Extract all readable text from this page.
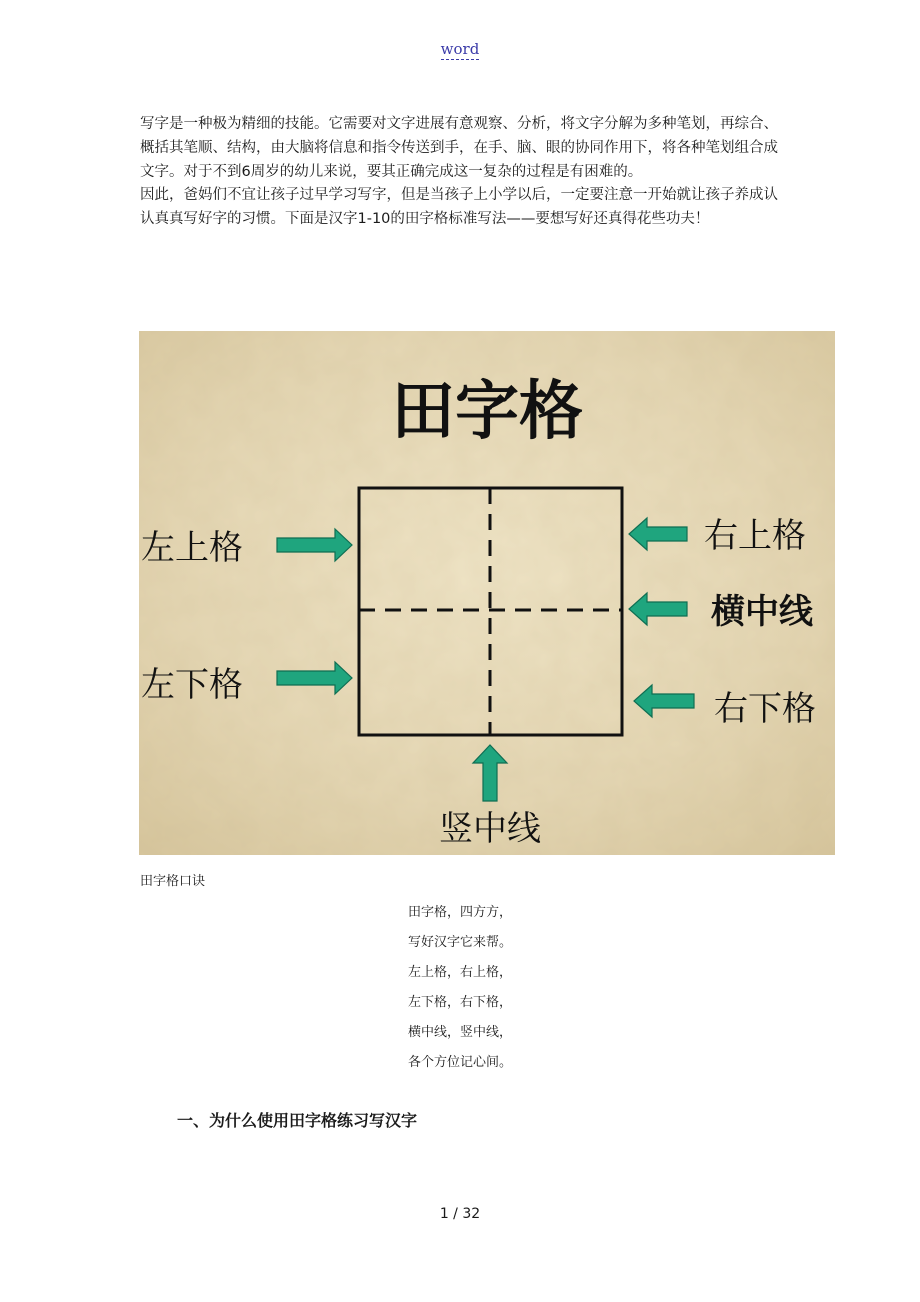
word

写字是一种极为精细的技能。它需要对文字进展有意观察、分析，将文字分解为多种笔划，再综合、概括其笔顺、结构，由大脑将信息和指令传送到手，在手、脑、眼的协同作用下，将各种笔划组合成文字。对于不到6周岁的幼儿来说，要其正确完成这一复杂的过程是有困难的。

因此，爸妈们不宜让孩子过早学习写字，但是当孩子上小学以后，一定要注意一开始就让孩子养成认认真真写好字的习惯。下面是汉字1-10的田字格标准写法——要想写好还真得花些功夫！

田字格
左上格
左下格
右上格
横中线
右下格
竖中线
田字格口诀
田字格，四方方，
写好汉字它来帮。
左上格，右上格，
左下格，右下格，
横中线，竖中线，
各个方位记心间。
一、为什么使用田字格练习写汉字
1 / 32
